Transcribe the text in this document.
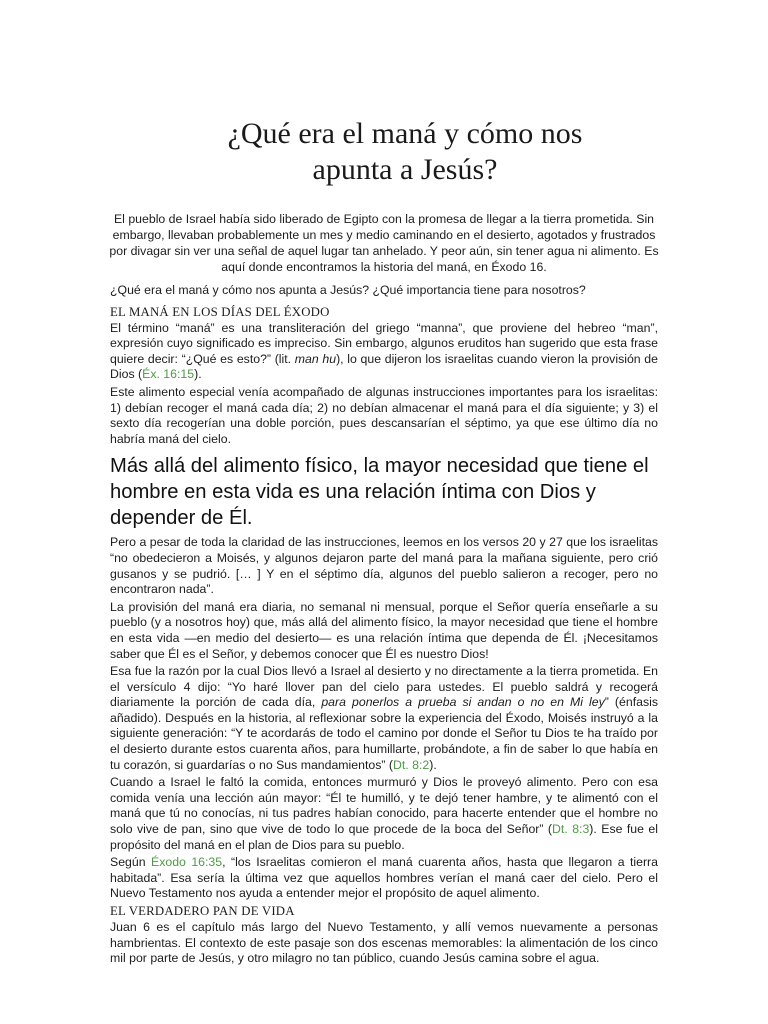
¿Qué era el maná y cómo nos
apunta a Jesús?

El pueblo de Israel había sido liberado de Egipto con la promesa de llegar a la tierra prometida. Sin embargo, llevaban probablemente un mes y medio caminando en el desierto, agotados y frustrados por divagar sin ver una señal de aquel lugar tan anhelado. Y peor aún, sin tener agua ni alimento. Es aquí donde encontramos la historia del maná, en Éxodo 16.

¿Qué era el maná y cómo nos apunta a Jesús? ¿Qué importancia tiene para nosotros?

EL MANÁ EN LOS DÍAS DEL ÉXODO

El término “maná” es una transliteración del griego “manna”, que proviene del hebreo “man”, expresión cuyo significado es impreciso. Sin embargo, algunos eruditos han sugerido que esta frase quiere decir: “¿Qué es esto?” (lit. man hu), lo que dijeron los israelitas cuando vieron la provisión de Dios (Éx. 16:15).

Este alimento especial venía acompañado de algunas instrucciones importantes para los israelitas: 1) debían recoger el maná cada día; 2) no debían almacenar el maná para el día siguiente; y 3) el sexto día recogerían una doble porción, pues descansarían el séptimo, ya que ese último día no habría maná del cielo.

Más allá del alimento físico, la mayor necesidad que tiene el hombre en esta vida es una relación íntima con Dios y depender de Él.

Pero a pesar de toda la claridad de las instrucciones, leemos en los versos 20 y 27 que los israelitas “no obedecieron a Moisés, y algunos dejaron parte del maná para la mañana siguiente, pero crió gusanos y se pudrió. [… ] Y en el séptimo día, algunos del pueblo salieron a recoger, pero no encontraron nada”.

La provisión del maná era diaria, no semanal ni mensual, porque el Señor quería enseñarle a su pueblo (y a nosotros hoy) que, más allá del alimento físico, la mayor necesidad que tiene el hombre en esta vida —en medio del desierto— es una relación íntima que dependa de Él. ¡Necesitamos saber que Él es el Señor, y debemos conocer que Él es nuestro Dios!

Esa fue la razón por la cual Dios llevó a Israel al desierto y no directamente a la tierra prometida. En el versículo 4 dijo: “Yo haré llover pan del cielo para ustedes. El pueblo saldrá y recogerá diariamente la porción de cada día, para ponerlos a prueba si andan o no en Mi ley” (énfasis añadido). Después en la historia, al reflexionar sobre la experiencia del Éxodo, Moisés instruyó a la siguiente generación: “Y te acordarás de todo el camino por donde el Señor tu Dios te ha traído por el desierto durante estos cuarenta años, para humillarte, probándote, a fin de saber lo que había en tu corazón, si guardarías o no Sus mandamientos” (Dt. 8:2).

Cuando a Israel le faltó la comida, entonces murmuró y Dios le proveyó alimento. Pero con esa comida venía una lección aún mayor: “Él te humilló, y te dejó tener hambre, y te alimentó con el maná que tú no conocías, ni tus padres habían conocido, para hacerte entender que el hombre no solo vive de pan, sino que vive de todo lo que procede de la boca del Señor” (Dt. 8:3). Ese fue el propósito del maná en el plan de Dios para su pueblo.

Según Éxodo 16:35, “los Israelitas comieron el maná cuarenta años, hasta que llegaron a tierra habitada”. Esa sería la última vez que aquellos hombres verían el maná caer del cielo. Pero el Nuevo Testamento nos ayuda a entender mejor el propósito de aquel alimento.

EL VERDADERO PAN DE VIDA

Juan 6 es el capítulo más largo del Nuevo Testamento, y allí vemos nuevamente a personas hambrientas. El contexto de este pasaje son dos escenas memorables: la alimentación de los cinco mil por parte de Jesús, y otro milagro no tan público, cuando Jesús camina sobre el agua.
